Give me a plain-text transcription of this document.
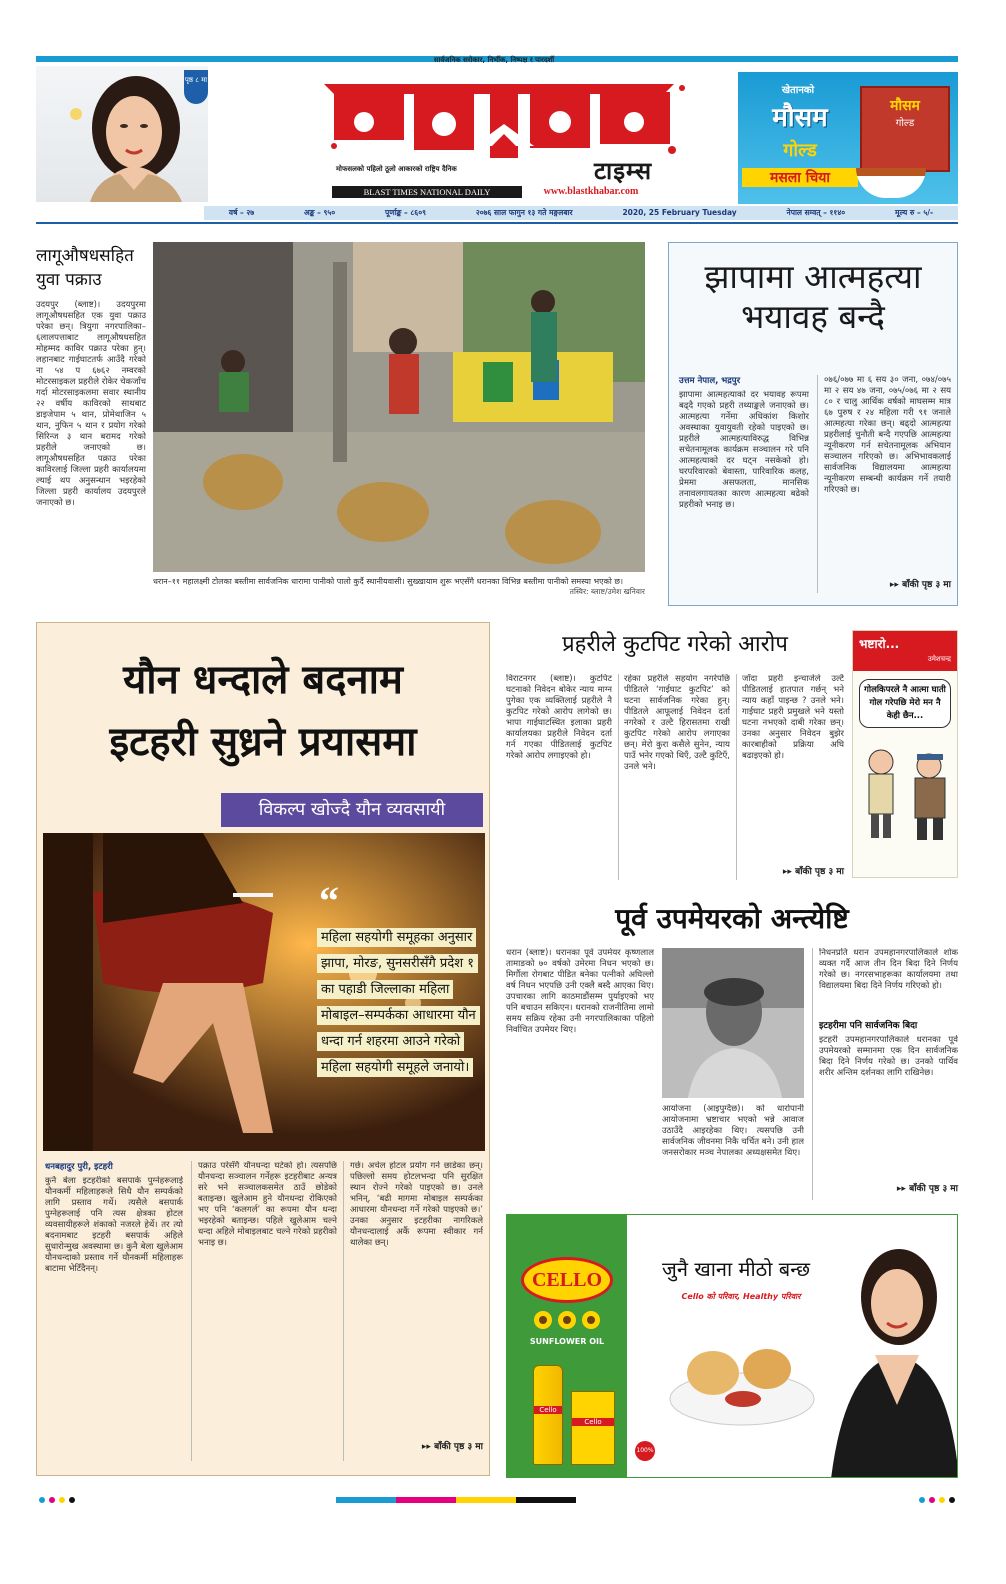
पृष्ठ ८ मा
सार्वजनिक सरोकार, निर्भीक, निष्पक्ष र पारदर्शी
टाइम्स
मोफसलको पहिलो ठूलो आकारको राष्ट्रिय दैनिक
BLAST TIMES NATIONAL DAILY	www.blastkhabar.com
खेतानको
मौसम
गोल्ड
मसला चिया
मौसम
गोल्ड
वर्ष – २७	अङ्क – ९५०	पूर्णाङ्क – ८६०९	२०७६ साल फागुन १३ गते मङ्गलबार	2020, 25 February Tuesday	नेपाल सम्वत् – ११४०	मूल्य रु – ५/-
लागूऔषधसहित युवा पक्राउ
उदयपुर (ब्लाष्ट)। उदयपुरमा लागूऔषधसहित एक युवा पक्राउ परेका छन्। त्रियुगा नगरपालिका–६लालपत्ताबाट लागूऔषधसहित मोहम्मद काविर पक्राउ परेका हुन्। लहानबाट गाईघाटतर्फ आउँदै गरेको ना ५४ प ६७६२ नम्वरको मोटरसाइकल प्रहरीले रोकेर चेकजाँच गर्दा मोटरसाइकलमा सवार स्थानीय २२ वर्षीय काविरको साथबाट डाइजेपाम ५ थान, प्रोमेथाजिन ५ थान, नुफिन ५ थान र प्रयोग गरेको सिरिन्ज ३ थान बरामद गरेको प्रहरीले जनाएको छ। लागूऔषधसहित पक्राउ परेका काविरलाई जिल्ला प्रहरी कार्यालयमा ल्याई थप अनुसन्धान भइरहेको जिल्ला प्रहरी कार्यालय उदयपुरले जनाएको छ।
धरान–११ महालक्ष्मी टोलका बस्तीमा सार्वजनिक धारामा पानीको पालो कुर्दै स्थानीयवासी। सुख्खायाम शुरू भएसँगै धरानका विभिन्न बस्तीमा पानीको समस्या भएको छ।
तस्विर: ब्लाष्ट/उमेश खनिवार
झापामा आत्महत्या
भयावह बन्दै
उत्तम नेपाल, भद्रपुर
झापामा आत्महत्याको दर भयावह रूपमा बढ्दै गएको प्रहरी तथ्याङ्कले जनाएको छ। आत्महत्या गर्नेमा अधिकांश किशोर अवस्थाका युवायुवती रहेको पाइएको छ। प्रहरीले आत्महत्याविरुद्ध विभिन्न सचेतनामूलक कार्यक्रम सञ्चालन गरे पनि आत्महत्याको दर घट्न नसकेको हो। घरपरिवारको बेवास्ता, पारिवारिक कलह, प्रेममा असफलता, मानसिक तनावलगायतका कारण आत्महत्या बढेको प्रहरीको भनाइ छ।
०७६/०७७ मा ६ सय ३० जना, ०७४/०७५ मा २ सय ४७ जना, ०७५/०७६ मा २ सय ८० र चालु आर्थिक वर्षको माघसम्म मात्र ६७ पुरुष र २४ महिला गरी ९१ जनाले आत्महत्या गरेका छन्। बढ्दो आत्महत्या प्रहरीलाई चुनौती बन्दै गएपछि आत्महत्या न्यूनीकरण गर्न सचेतनामूलक अभियान सञ्चालन गरिएको छ। अभिभावकलाई सार्वजनिक विद्यालयमा आत्महत्या न्यूनीकरण सम्बन्धी कार्यक्रम गर्ने तयारी गरिएको छ।
▸▸ बाँकी पृष्ठ ३ मा
यौन धन्दाले बदनाम
इटहरी सुध्रने प्रयासमा
विकल्प खोज्दै यौन व्यवसायी
“
महिला सहयोगी समूहका अनुसार झापा, मोरङ, सुनसरीसँगै प्रदेश १ का पहाडी जिल्लाका महिला मोबाइल–सम्पर्कका आधारमा यौन धन्दा गर्न शहरमा आउने गरेको महिला सहयोगी समूहले जनायो।
धनबहादुर पुरी, इटहरी
कुनै बेला इटहरीको बसपार्क पुग्नेहरूलाई यौनकर्मी महिलाहरूले सिधै यौन सम्पर्कको लागि प्रस्ताव गर्थे। त्यसैले बसपार्क पुग्नेहरूलाई पनि त्यस क्षेत्रका होटल व्यवसायीहरूले शंकाको नजरले हेर्थे। तर त्यो बदनामबाट इटहरी बसपार्क अहिले सुधारोन्मुख अवस्थामा छ। कुनै बेला खुलेआम यौनधन्दाको प्रस्ताव गर्ने यौनकर्मी महिलाहरू बाटामा भेटिँदैनन्।
पक्राउ परेसँगै यौनधन्दा घटेको हो। त्यसपछि यौनधन्दा सञ्चालन गर्नेहरू इटहरीबाट अन्यत्र सरे भने सञ्चालकसमेत ठाउँ छोडेको बताइन्छ। खुलेआम हुने यौनधन्दा रोकिएको भए पनि ‘कलगर्ल’ का रूपमा यौन धन्दा भइरहेको बताइन्छ। पहिले खुलेआम चल्ने धन्दा अहिले मोबाइलबाट चल्ने गरेको प्रहरीको भनाइ छ।
गर्छ। अचेल होटल प्रयोग गर्न छाडेका छन्। पछिल्लो समय होटलभन्दा पनि सुरक्षित स्थान रोज्ने गरेको पाइएको छ। उनले भनिन्, ‘बढी मागमा मोबाइल सम्पर्कका आधारमा यौनधन्दा गर्ने गरेको पाइएको छ।’ उनका अनुसार इटहरीका नागरिकले यौनधन्दालाई अर्कै रूपमा स्वीकार गर्न थालेका छन्।
▸▸ बाँकी पृष्ठ ३ मा
प्रहरीले कुटपिट गरेको आरोप
विराटनगर (ब्लाष्ट)। कुटपिट घटनाको निवेदन बोकेर न्याय माग्न पुगेका एक व्यक्तिलाई प्रहरीले नै कुटपिट गरेको आरोप लागेको छ। भापा गाईघाटस्थित इलाका प्रहरी कार्यालयका प्रहरीले निवेदन दर्ता गर्न गएका पीडितलाई कुटपिट गरेको आरोप लगाइएको हो।
रहेका प्रहरीले सहयोग नगरेपछि पीडितले ‘गाईघाट कुटपिट’ को घटना सार्वजनिक गरेका हुन्। पीडितले आफूलाई निवेदन दर्ता नगरेको र उल्टै हिरासतमा राखी कुटपिट गरेको आरोप लगाएका छन्। मेरो कुरा कसैले सुनेन, न्याय पाउँ भनेर गएको थिएँ, उल्टै कुटिएँ, उनले भने।
जाँदा प्रहरी इन्चार्जले उल्टै पीडितलाई हातपात गर्छन् भने न्याय कहाँ पाइन्छ ? उनले भने। गाईघाट प्रहरी प्रमुखले भने यस्तो घटना नभएको दाबी गरेका छन्। उनका अनुसार निवेदन बुझेर कारबाहीको प्रक्रिया अघि बढाइएको हो।
▸▸ बाँकी पृष्ठ ३ मा
भष्टारो...
उमेशचन्द्र
गोलकिपरले नै आत्मा घाती गोल गरेपछि मेरो मन नै केही छैन...
पूर्व उपमेयरको अन्त्येष्टि
धरान (ब्लाष्ट)। धरानका पूर्व उपमेयर कृष्णलाल तामाङको ७० वर्षको उमेरमा निधन भएको छ। मिर्गौला रोगबाट पीडित बनेका पत्नीको अघिल्लो वर्ष निधन भएपछि उनी एक्लै बस्दै आएका थिए। उपचारका लागि काठमाडौंसम्म पुर्याइएको भए पनि बचाउन सकिएन। धरानको राजनीतिमा लामो समय सक्रिय रहेका उनी नगरपालिकाका पहिलो निर्वाचित उपमेयर थिए।
आयोजना (आइपुग्दैछ)। को धारोपानी आयोजनामा भ्रष्टाचार भएको भन्ने आवाज उठाउँदै आइरहेका थिए। त्यसपछि उनी सार्वजनिक जीवनमा निकै चर्चित बने। उनी हाल जनसरोकार मञ्च नेपालका अध्यक्षसमेत थिए।
निधनप्रति धरान उपमहानगरपालिकाले शोक व्यक्त गर्दै आज तीन दिन बिदा दिने निर्णय गरेको छ। नगरसभाहरूका कार्यालयमा तथा विद्यालयमा बिदा दिने निर्णय गरिएको हो।
इटहरीमा पनि सार्वजनिक बिदा
इटहरी उपमहानगरपालिकाले धरानका पूर्व उपमेयरको सम्मानमा एक दिन सार्वजनिक बिदा दिने निर्णय गरेको छ। उनको पार्थिव शरीर अन्तिम दर्शनका लागि राखिनेछ।
▸▸ बाँकी पृष्ठ ३ मा
CELLO
SUNFLOWER OIL
Cello
Cello
जुनै खाना मीठो बन्छ
Cello को परिवार, Healthy परिवार
100%
